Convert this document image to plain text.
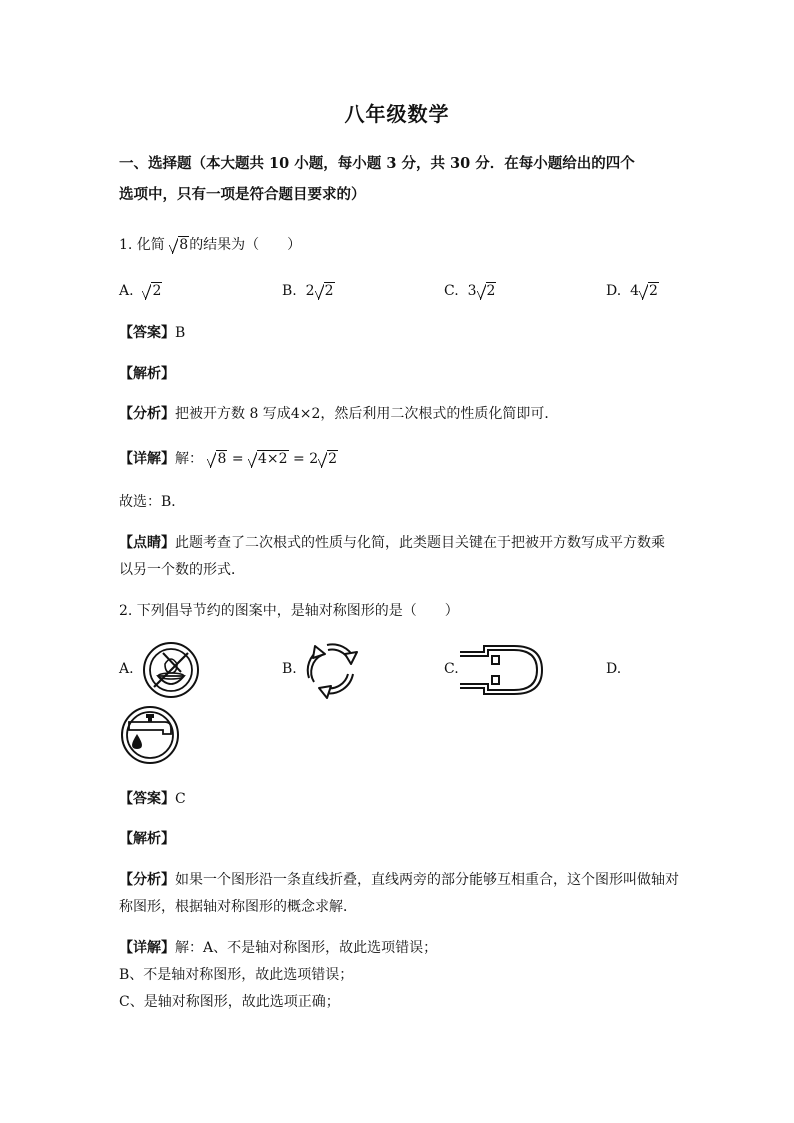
八年级数学
一、选择题（本大题共 10 小题，每小题 3 分，共 30 分．在每小题给出的四个
选项中，只有一项是符合题目要求的）
1. 化简 8的结果为（　　）
A. 2	B. 2 2	C. 3 2	D. 4 2
【答案】B
【解析】
【分析】把被开方数 8 写成4×2，然后利用二次根式的性质化简即可．
【详解】解： 8 = 4×2 = 2 2
故选：B．
【点睛】此题考查了二次根式的性质与化简，此类题目关键在于把被开方数写成平方数乘
以另一个数的形式．
2. 下列倡导节约的图案中，是轴对称图形的是（　　）
A.	B.	C.	D.
【答案】C
【解析】
【分析】如果一个图形沿一条直线折叠，直线两旁的部分能够互相重合，这个图形叫做轴对
称图形，根据轴对称图形的概念求解．
【详解】解：A、不是轴对称图形，故此选项错误；
B、不是轴对称图形，故此选项错误；
C、是轴对称图形，故此选项正确；
